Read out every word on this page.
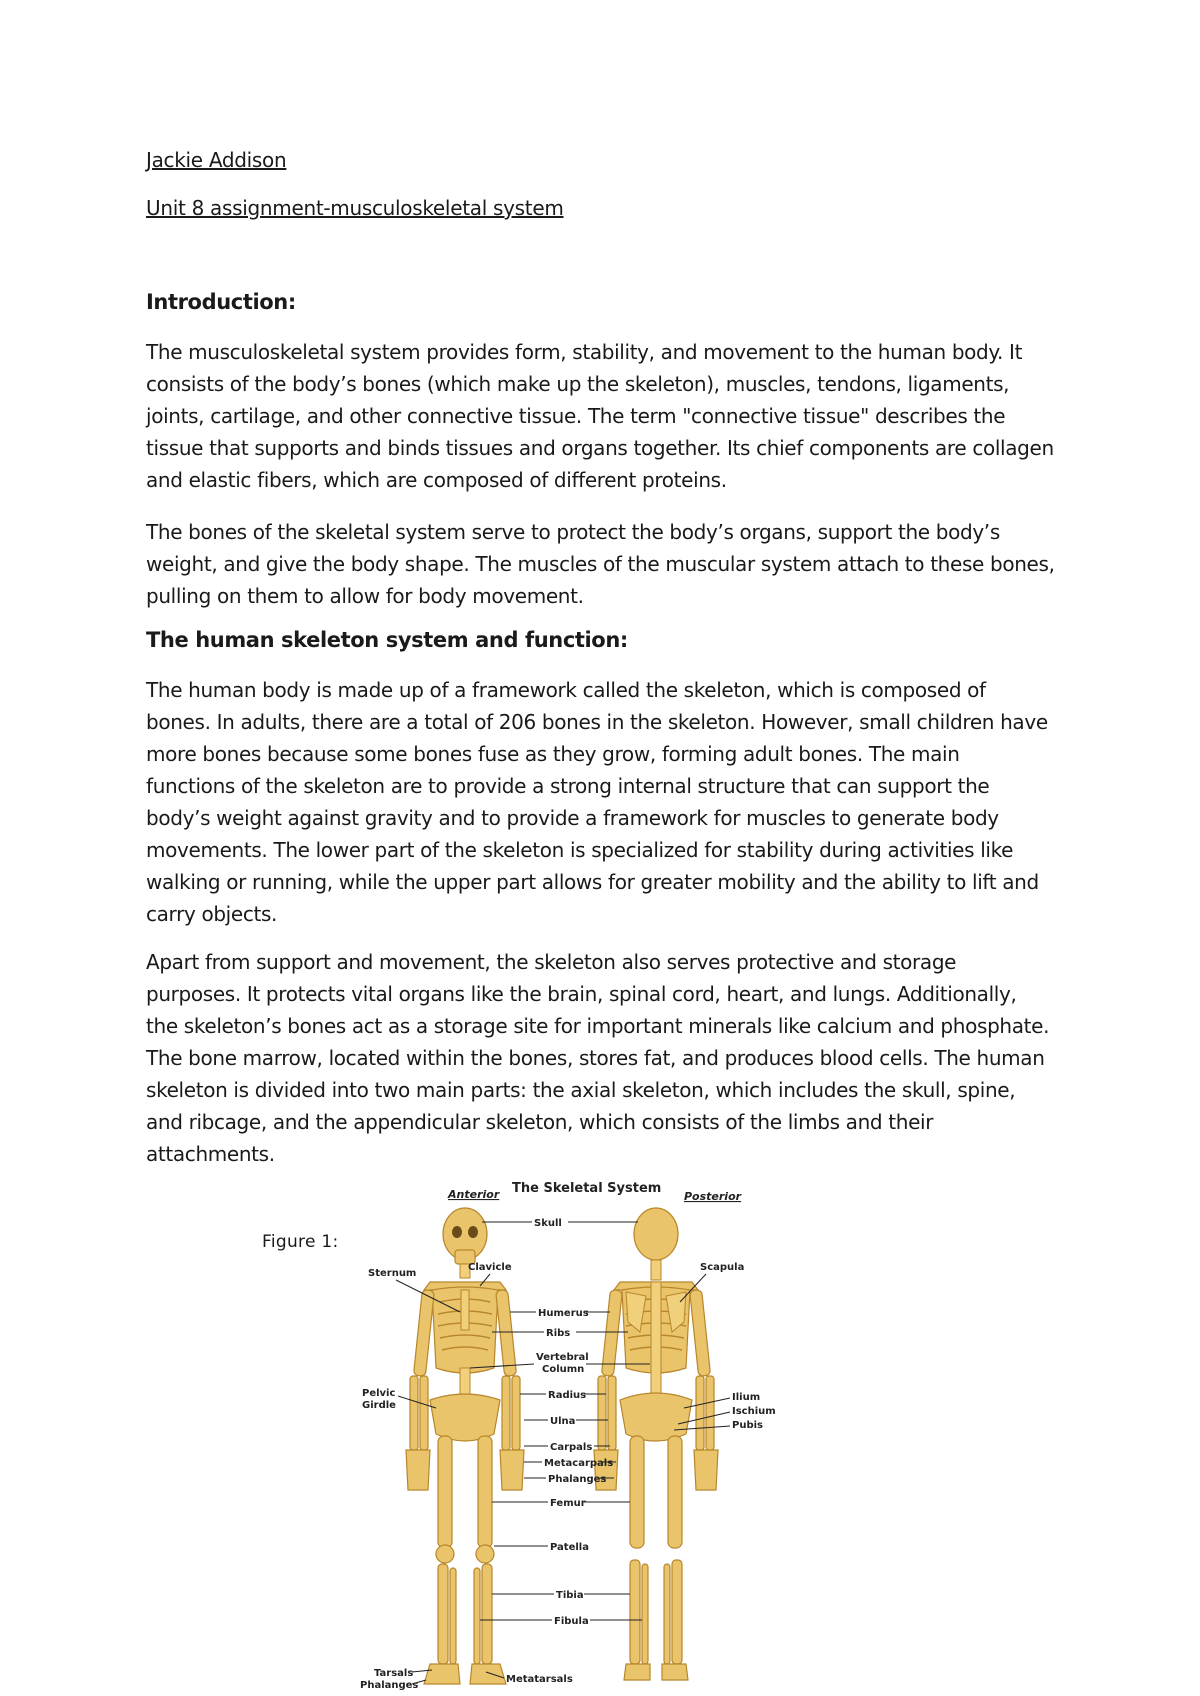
Jackie Addison
Unit 8 assignment-musculoskeletal system
Introduction:

The musculoskeletal system provides form, stability, and movement to the human body. It
consists of the body’s bones (which make up the skeleton), muscles, tendons, ligaments,
joints, cartilage, and other connective tissue. The term "connective tissue" describes the
tissue that supports and binds tissues and organs together. Its chief components are collagen
and elastic fibers, which are composed of different proteins.

The bones of the skeletal system serve to protect the body’s organs, support the body’s
weight, and give the body shape. The muscles of the muscular system attach to these bones,
pulling on them to allow for body movement.

The human skeleton system and function:

The human body is made up of a framework called the skeleton, which is composed of
bones. In adults, there are a total of 206 bones in the skeleton. However, small children have
more bones because some bones fuse as they grow, forming adult bones. The main
functions of the skeleton are to provide a strong internal structure that can support the
body’s weight against gravity and to provide a framework for muscles to generate body
movements. The lower part of the skeleton is specialized for stability during activities like
walking or running, while the upper part allows for greater mobility and the ability to lift and
carry objects.

Apart from support and movement, the skeleton also serves protective and storage
purposes. It protects vital organs like the brain, spinal cord, heart, and lungs. Additionally,
the skeleton’s bones act as a storage site for important minerals like calcium and phosphate.
The bone marrow, located within the bones, stores fat, and produces blood cells. The human
skeleton is divided into two main parts: the axial skeleton, which includes the skull, spine,
and ribcage, and the appendicular skeleton, which consists of the limbs and their
attachments.

Figure 1:
The Skeletal System
Anterior	Posterior
Skull
Sternum
Clavicle	Scapula
Humerus
Ribs
Vertebral
Column
Pelvic
Girdle
Radius	Ilium
Ischium
Pubis
Ulna
Carpals
Metacarpals
Phalanges
Femur
Patella
Tibia
Fibula
Tarsals
Phalanges
Metatarsals
